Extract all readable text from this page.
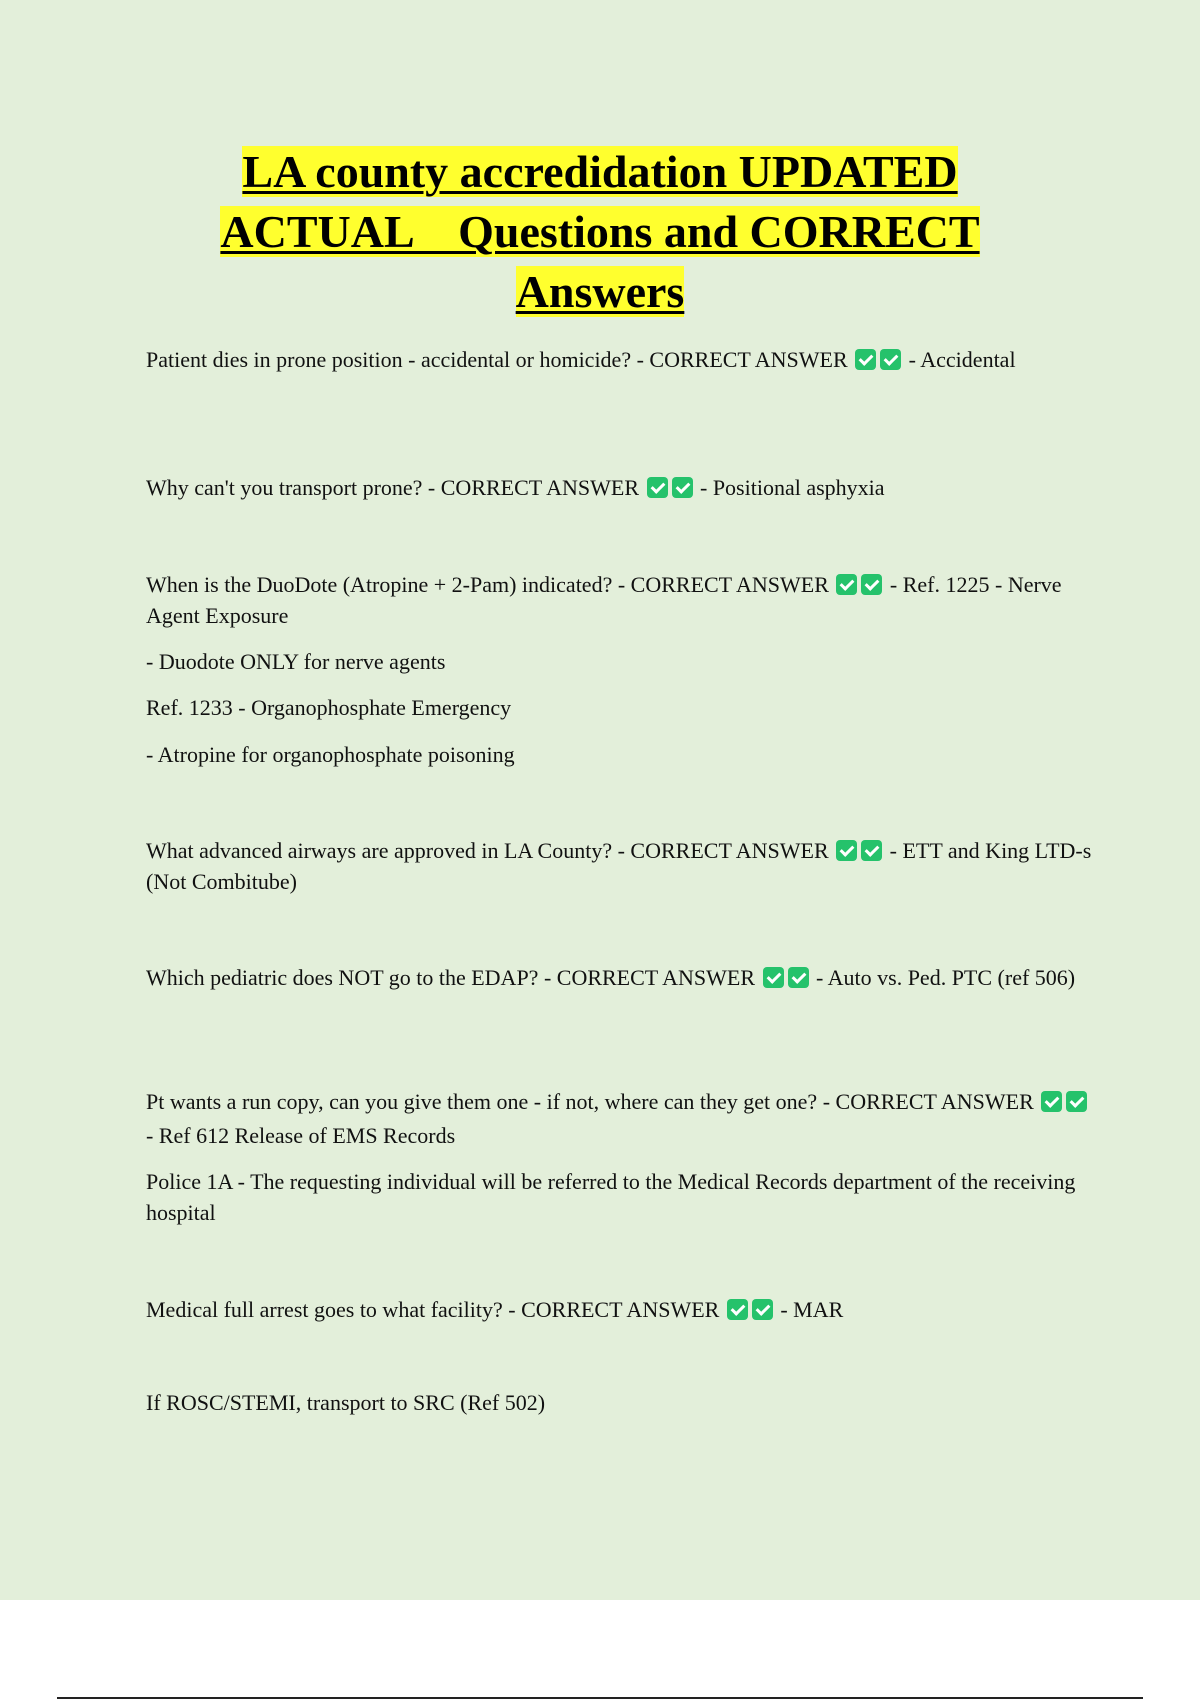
LA county accredidation UPDATED
ACTUAL    Questions and CORRECT
Answers

Patient dies in prone position - accidental or homicide? - CORRECT ANSWER	- Accidental

Why can't you transport prone? - CORRECT ANSWER	- Positional asphyxia

When is the DuoDote (Atropine + 2-Pam) indicated? - CORRECT ANSWER	- Ref. 1225 - Nerve Agent Exposure

- Duodote ONLY for nerve agents

Ref. 1233 - Organophosphate Emergency

- Atropine for organophosphate poisoning

What advanced airways are approved in LA County? - CORRECT ANSWER	- ETT and King LTD-s (Not Combitube)

Which pediatric does NOT go to the EDAP? - CORRECT ANSWER	- Auto vs. Ped. PTC (ref 506)

Pt wants a run copy, can you give them one - if not, where can they get one? - CORRECT ANSWER  - Ref 612 Release of EMS Records

Police 1A - The requesting individual will be referred to the Medical Records department of the receiving hospital

Medical full arrest goes to what facility? - CORRECT ANSWER	- MAR

If ROSC/STEMI, transport to SRC (Ref 502)
